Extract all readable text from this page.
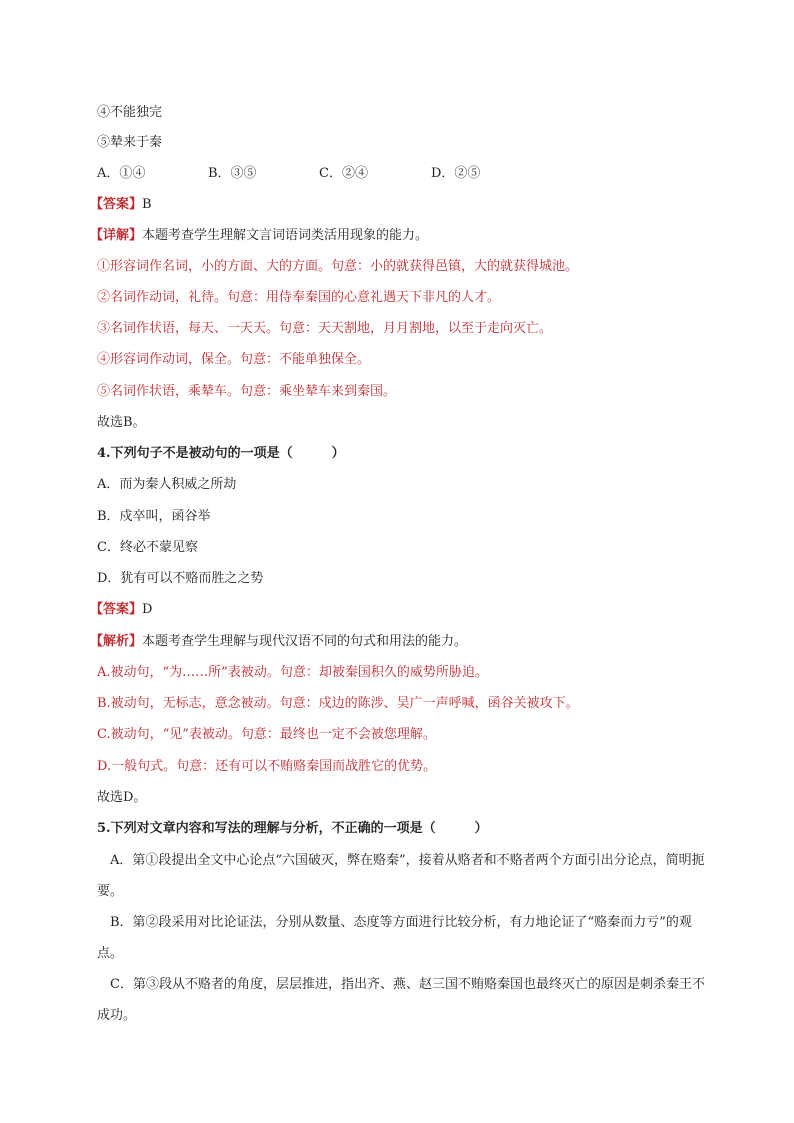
④不能独完
⑤辇来于秦
A．①④	B．③⑤	C．②④	D．②⑤
【答案】B
【详解】本题考查学生理解文言词语词类活用现象的能力。
①形容词作名词，小的方面、大的方面。句意：小的就获得邑镇，大的就获得城池。
②名词作动词，礼待。句意：用侍奉秦国的心意礼遇天下非凡的人才。
③名词作状语，每天、一天天。句意：天天割地，月月割地，以至于走向灭亡。
④形容词作动词，保全。句意：不能单独保全。
⑤名词作状语，乘辇车。句意：乘坐辇车来到秦国。
故选B。
4.下列句子不是被动句的一项是（　　　）
A．而为秦人积威之所劫
B．戍卒叫，函谷举
C．终必不蒙见察
D．犹有可以不赂而胜之之势
【答案】D
【解析】本题考查学生理解与现代汉语不同的句式和用法的能力。
A.被动句，“为……所”表被动。句意：却被秦国积久的威势所胁迫。
B.被动句，无标志，意念被动。句意：戍边的陈涉、吴广一声呼喊，函谷关被攻下。
C.被动句，“见”表被动。句意：最终也一定不会被您理解。
D.一般句式。句意：还有可以不贿赂秦国而战胜它的优势。
故选D。
5.下列对文章内容和写法的理解与分析，不正确的一项是（　　　）
A．第①段提出全文中心论点“六国破灭，弊在赂秦”，接着从赂者和不赂者两个方面引出分论点，简明扼要。
B．第②段采用对比论证法，分别从数量、态度等方面进行比较分析，有力地论证了“赂秦而力亏”的观点。
C．第③段从不赂者的角度，层层推进，指出齐、燕、赵三国不贿赂秦国也最终灭亡的原因是刺杀秦王不成功。
